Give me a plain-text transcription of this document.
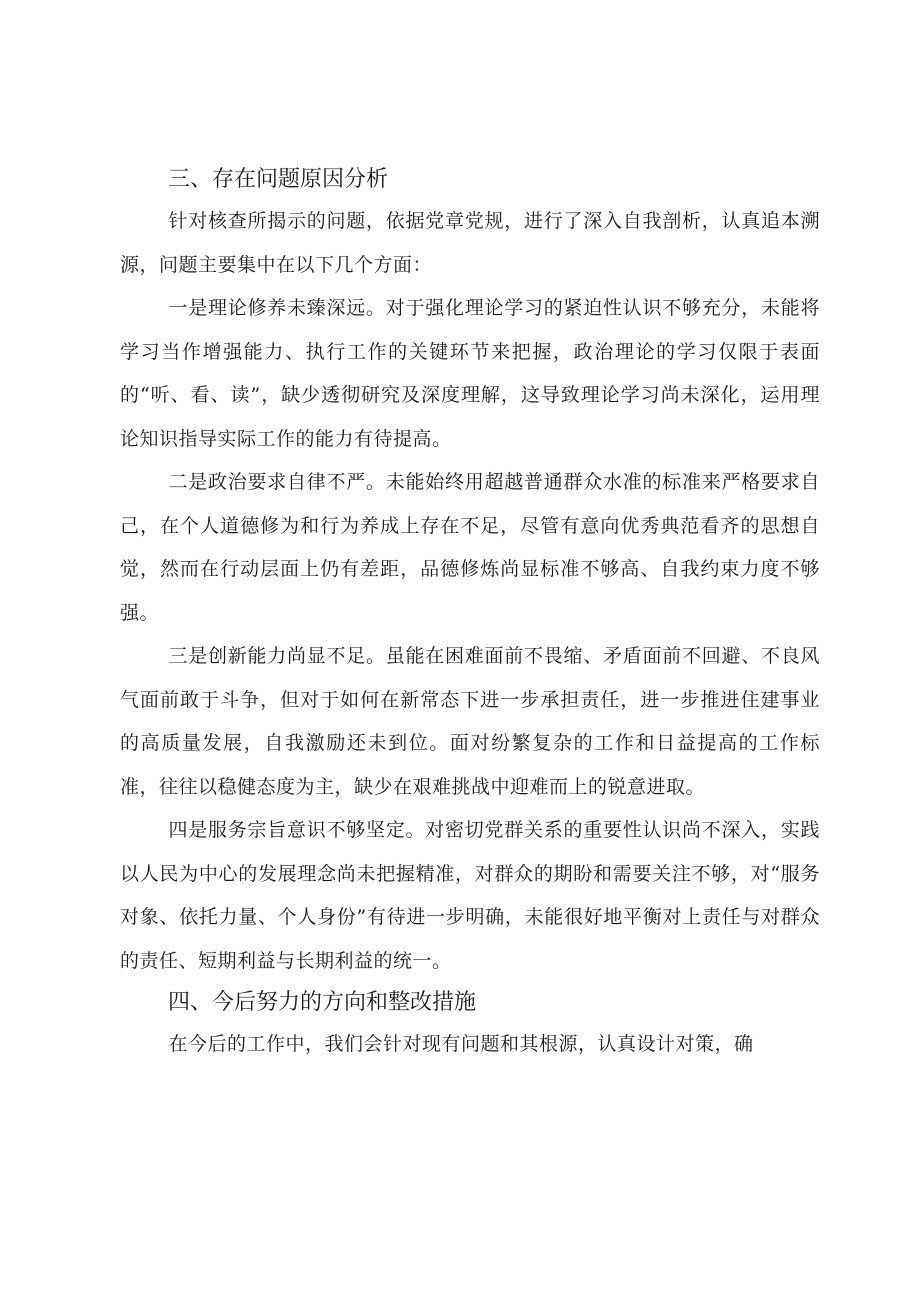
三、存在问题原因分析

针对核查所揭示的问题，依据党章党规，进行了深入自我剖析，认真追本溯源，问题主要集中在以下几个方面：

一是理论修养未臻深远。对于强化理论学习的紧迫性认识不够充分，未能将学习当作增强能力、执行工作的关键环节来把握，政治理论的学习仅限于表面的“听、看、读”，缺少透彻研究及深度理解，这导致理论学习尚未深化，运用理论知识指导实际工作的能力有待提高。

二是政治要求自律不严。未能始终用超越普通群众水准的标准来严格要求自己，在个人道德修为和行为养成上存在不足，尽管有意向优秀典范看齐的思想自觉，然而在行动层面上仍有差距，品德修炼尚显标准不够高、自我约束力度不够强。

三是创新能力尚显不足。虽能在困难面前不畏缩、矛盾面前不回避、不良风气面前敢于斗争，但对于如何在新常态下进一步承担责任，进一步推进住建事业的高质量发展，自我激励还未到位。面对纷繁复杂的工作和日益提高的工作标准，往往以稳健态度为主，缺少在艰难挑战中迎难而上的锐意进取。

四是服务宗旨意识不够坚定。对密切党群关系的重要性认识尚不深入，实践以人民为中心的发展理念尚未把握精准，对群众的期盼和需要关注不够，对“服务对象、依托力量、个人身份”有待进一步明确，未能很好地平衡对上责任与对群众的责任、短期利益与长期利益的统一。

四、今后努力的方向和整改措施

在今后的工作中，我们会针对现有问题和其根源，认真设计对策，确
